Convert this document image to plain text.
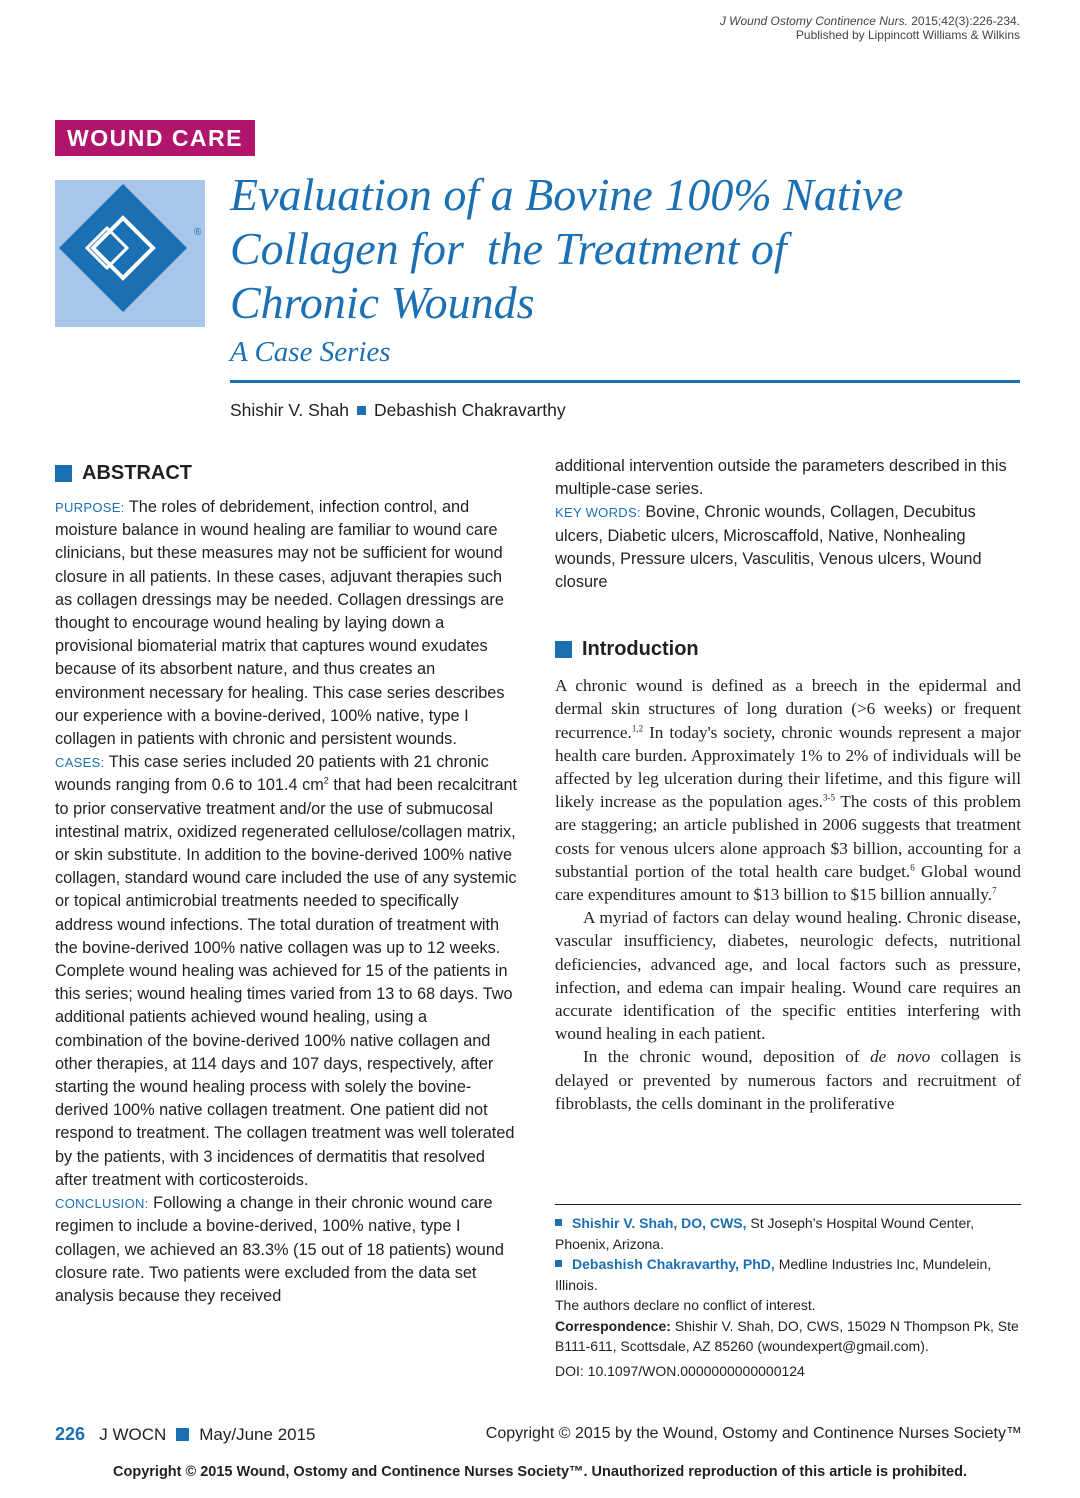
J Wound Ostomy Continence Nurs. 2015;42(3):226-234.
Published by Lippincott Williams & Wilkins
WOUND CARE
®
Evaluation of a Bovine 100% Native
Collagen for  the Treatment of
Chronic Wounds
A Case Series
Shishir V. Shah Debashish Chakravarthy
ABSTRACT

PURPOSE: The roles of debridement, infection control, and moisture balance in wound healing are familiar to wound care clinicians, but these measures may not be sufficient for wound closure in all patients. In these cases, adjuvant therapies such as collagen dressings may be needed. Collagen dressings are thought to encourage wound healing by laying down a provisional biomaterial matrix that captures wound exudates because of its absorbent nature, and thus creates an environment necessary for healing. This case series describes our experience with a bovine-derived, 100% native, type I collagen in patients with chronic and persistent wounds.

CASES: This case series included 20 patients with 21 chronic wounds ranging from 0.6 to 101.4 $cm^2$ that had been recalcitrant to prior conservative treatment and/or the use of submucosal intestinal matrix, oxidized regenerated cellulose/collagen matrix, or skin substitute. In addition to the bovine-derived 100% native collagen, standard wound care included the use of any systemic or topical antimicrobial treatments needed to specifically address wound infections. The total duration of treatment with the bovine-derived 100% native collagen was up to 12 weeks. Complete wound healing was achieved for 15 of the patients in this series; wound healing times varied from 13 to 68 days. Two additional patients achieved wound healing, using a combination of the bovine-derived 100% native collagen and other therapies, at 114 days and 107 days, respectively, after starting the wound healing process with solely the bovine-derived 100% native collagen treatment. One patient did not respond to treatment. The collagen treatment was well tolerated by the patients, with 3 incidences of dermatitis that resolved after treatment with corticosteroids.

CONCLUSION: Following a change in their chronic wound care regimen to include a bovine-derived, 100% native, type I collagen, we achieved an 83.3% (15 out of 18 patients) wound closure rate. Two patients were excluded from the data set analysis because they received

additional intervention outside the parameters described in this multiple-case series.

KEY WORDS: Bovine, Chronic wounds, Collagen, Decubitus ulcers, Diabetic ulcers, Microscaffold, Native, Nonhealing wounds, Pressure ulcers, Vasculitis, Venous ulcers, Wound closure

Introduction

A chronic wound is defined as a breech in the epidermal and dermal skin structures of long duration (>6 weeks) or frequent recurrence.$^{1,2}$ In today's society, chronic wounds represent a major health care burden. Approximately 1% to 2% of individuals will be affected by leg ulceration during their lifetime, and this figure will likely increase as the population ages.$^{3-5}$ The costs of this problem are staggering; an article published in 2006 suggests that treatment costs for venous ulcers alone approach $3 billion, accounting for a substantial portion of the total health care budget.$^6$ Global wound care expenditures amount to $13 billion to $15 billion annually.$^7$

A myriad of factors can delay wound healing. Chronic disease, vascular insufficiency, diabetes, neurologic defects, nutritional deficiencies, advanced age, and local factors such as pressure, infection, and edema can impair healing. Wound care requires an accurate identification of the specific entities interfering with wound healing in each patient.

In the chronic wound, deposition of de novo collagen is delayed or prevented by numerous factors and recruitment of fibroblasts, the cells dominant in the proliferative

Shishir V. Shah, DO, CWS, St Joseph’s Hospital Wound Center, Phoenix, Arizona.

Debashish Chakravarthy, PhD, Medline Industries Inc, Mundelein, Illinois.

The authors declare no conflict of interest.

Correspondence: Shishir V. Shah, DO, CWS, 15029 N Thompson Pk, Ste B111-611, Scottsdale, AZ 85260 (woundexpert@gmail.com).

DOI: 10.1097/WON.0000000000000124

226 J WOCN May/June 2015	Copyright © 2015 by the Wound, Ostomy and Continence Nurses Society™
Copyright © 2015 Wound, Ostomy and Continence Nurses Society™. Unauthorized reproduction of this article is prohibited.
